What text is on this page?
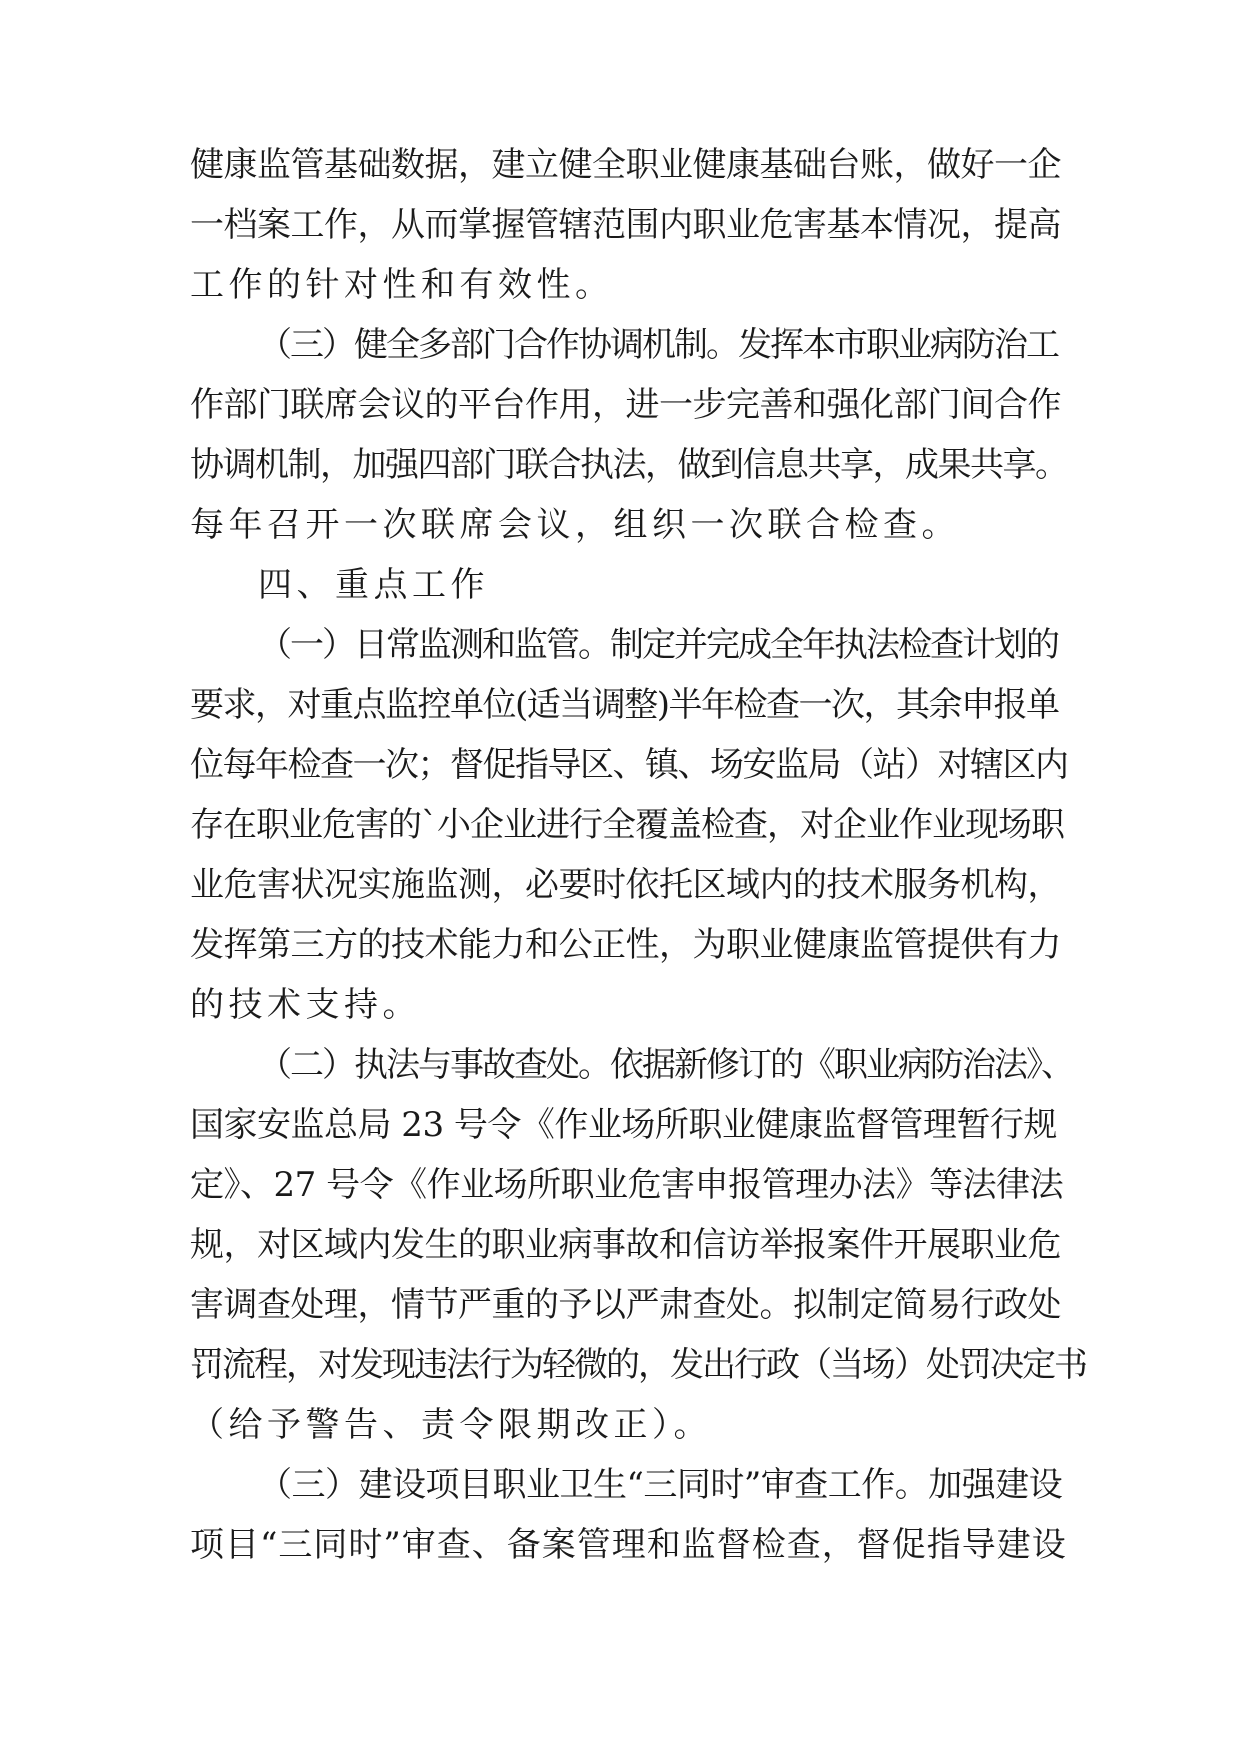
健康监管基础数据，建立健全职业健康基础台账，做好一企
一档案工作，从而掌握管辖范围内职业危害基本情况，提高
工作的针对性和有效性。
（三）健全多部门合作协调机制。发挥本市职业病防治工
作部门联席会议的平台作用，进一步完善和强化部门间合作
协调机制，加强四部门联合执法，做到信息共享，成果共享。
每年召开一次联席会议，组织一次联合检查。
四、重点工作
（一）日常监测和监管。制定并完成全年执法检查计划的
要求，对重点监控单位(适当调整)半年检查一次，其余申报单
位每年检查一次；督促指导区、镇、场安监局（站）对辖区内
存在职业危害的`小企业进行全覆盖检查，对企业作业现场职
业危害状况实施监测，必要时依托区域内的技术服务机构，
发挥第三方的技术能力和公正性，为职业健康监管提供有力
的技术支持。
（二）执法与事故查处。依据新修订的《职业病防治法》、
国家安监总局 23 号令《作业场所职业健康监督管理暂行规
定》、27 号令《作业场所职业危害申报管理办法》等法律法
规，对区域内发生的职业病事故和信访举报案件开展职业危
害调查处理，情节严重的予以严肃查处。拟制定简易行政处
罚流程，对发现违法行为轻微的，发出行政（当场）处罚决定书
（给予警告、责令限期改正）。
（三）建设项目职业卫生“三同时”审查工作。加强建设
项目“三同时”审查、备案管理和监督检查，督促指导建设
